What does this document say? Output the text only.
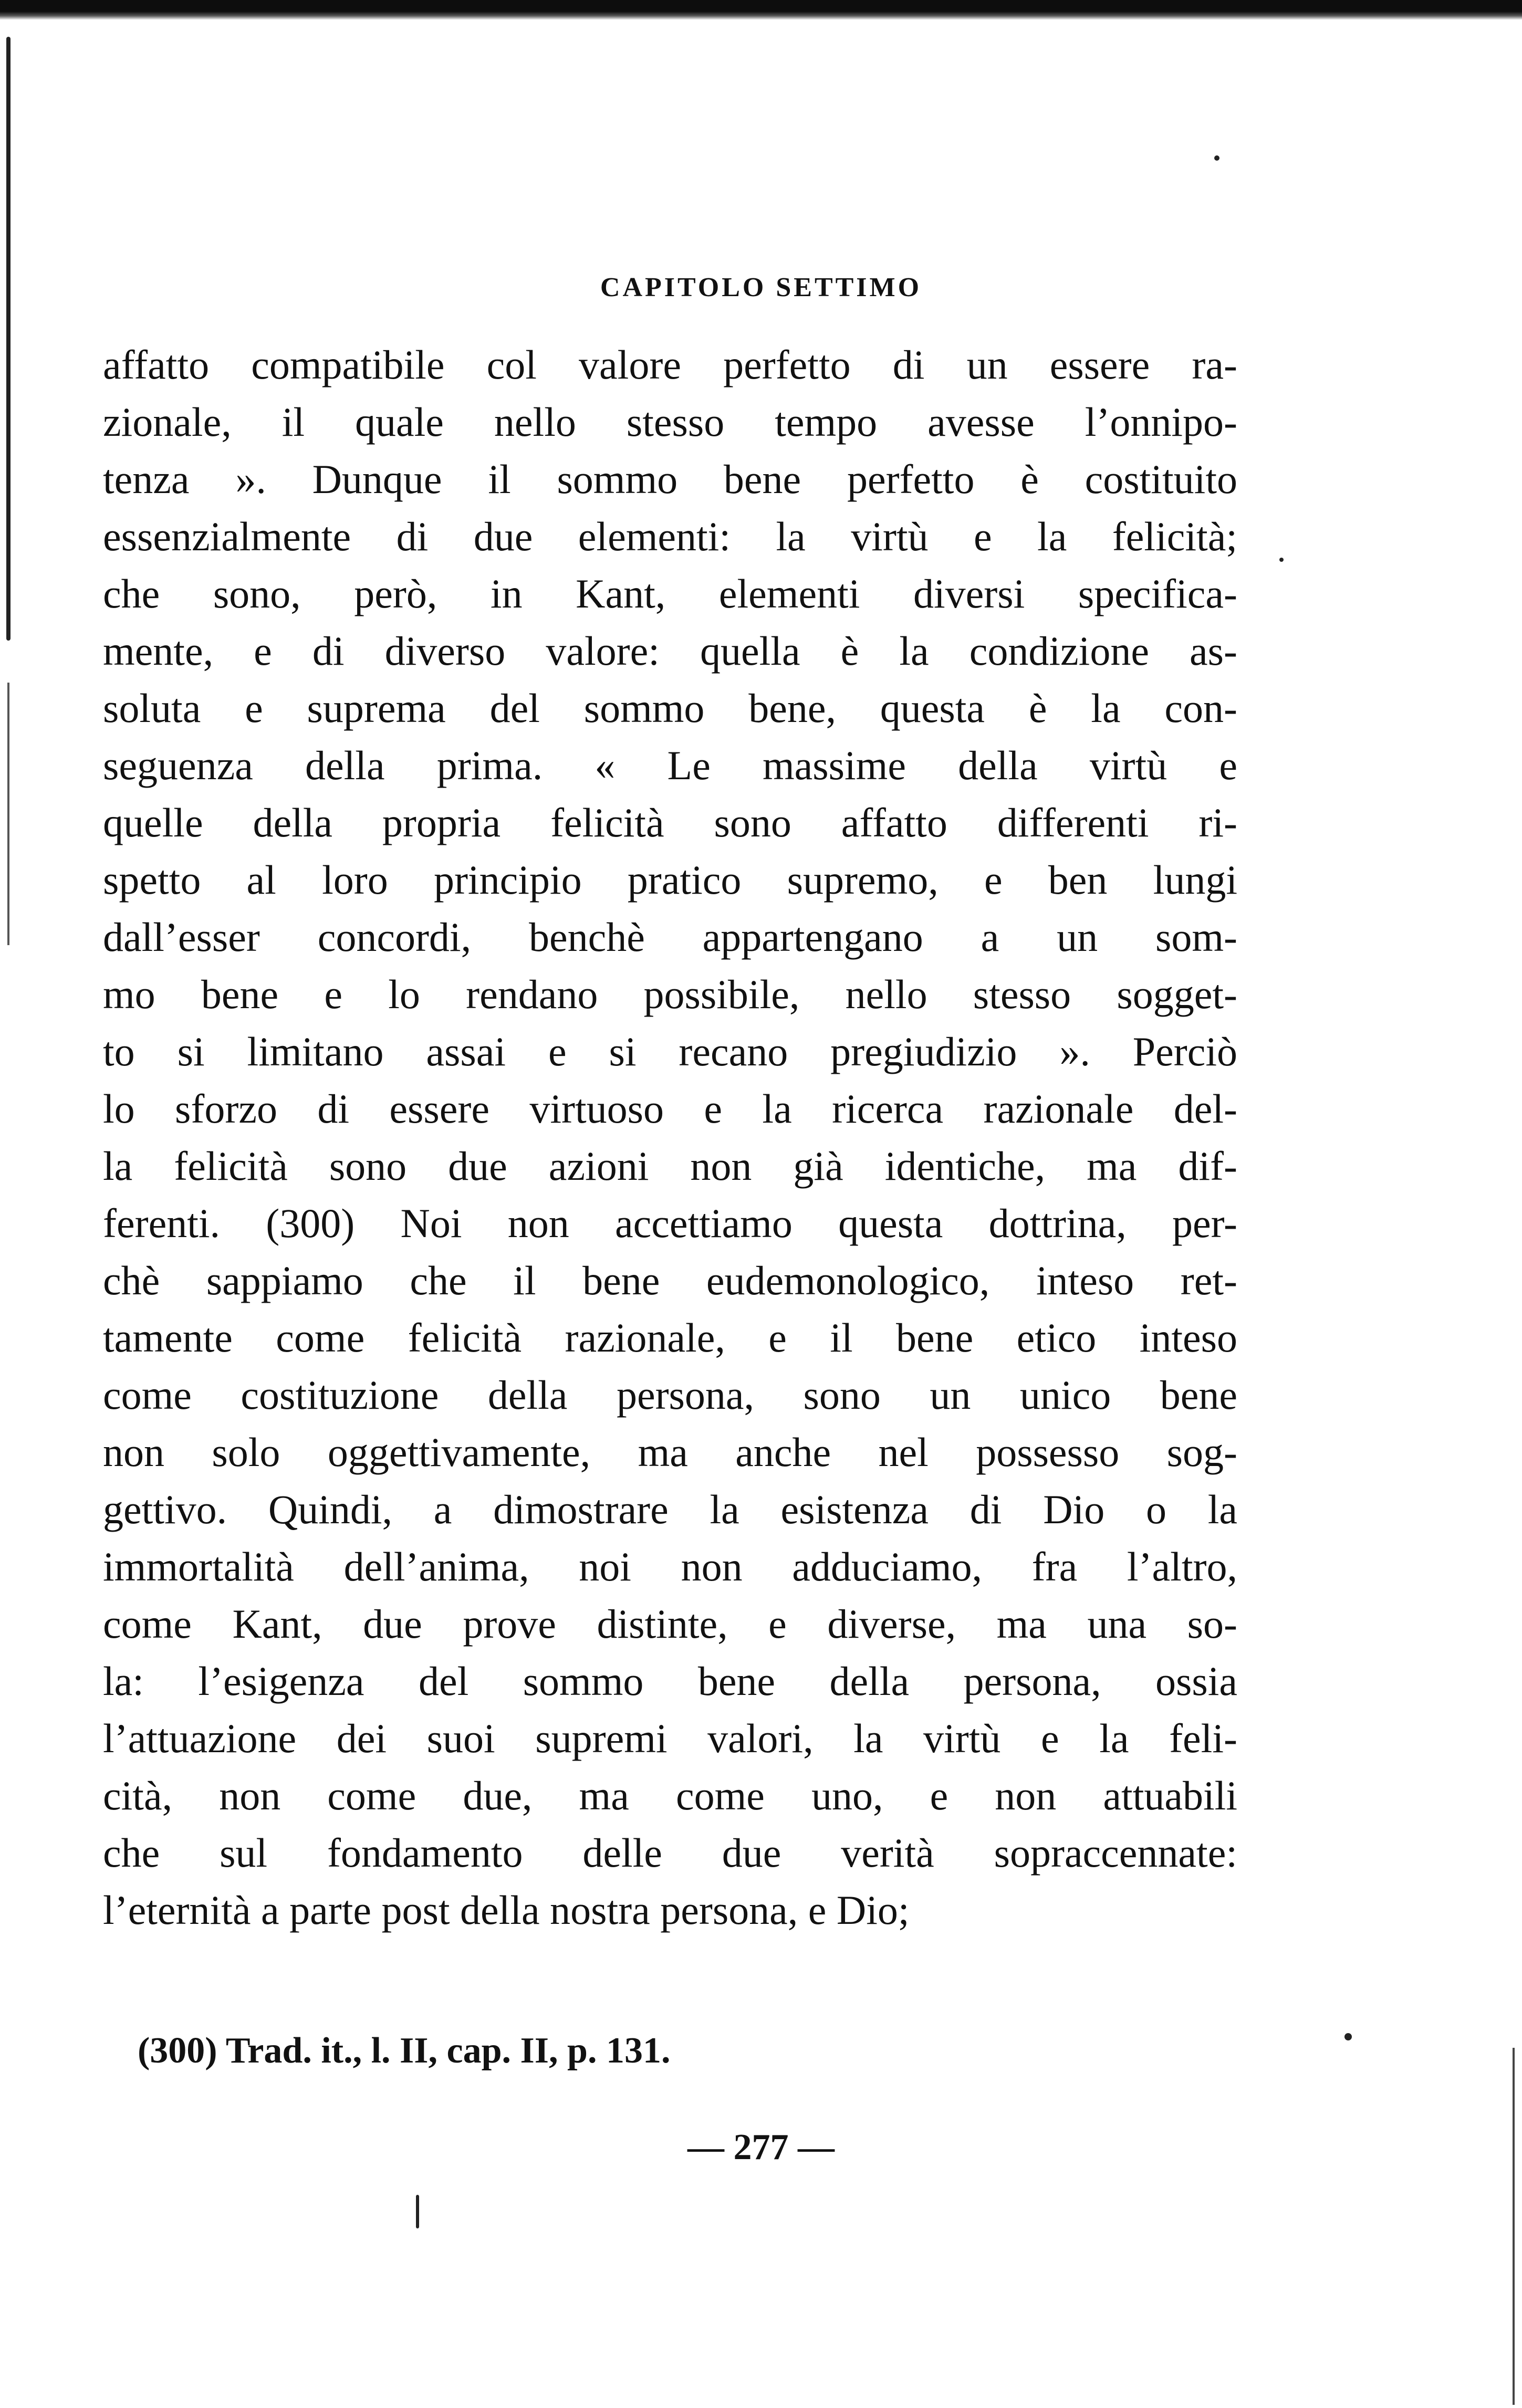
CAPITOLO SETTIMO
affatto compatibile col valore perfetto di un essere ra-
zionale, il quale nello stesso tempo avesse l’onnipo-
tenza ». Dunque il sommo bene perfetto è costituito
essenzialmente di due elementi: la virtù e la felicità;
che sono, però, in Kant, elementi diversi specifica-
mente, e di diverso valore: quella è la condizione as-
soluta e suprema del sommo bene, questa è la con-
seguenza della prima. « Le massime della virtù e
quelle della propria felicità sono affatto differenti ri-
spetto al loro principio pratico supremo, e ben lungi
dall’esser concordi, benchè appartengano a un som-
mo bene e lo rendano possibile, nello stesso sogget-
to si limitano assai e si recano pregiudizio ». Perciò
lo sforzo di essere virtuoso e la ricerca razionale del-
la felicità sono due azioni non già identiche, ma dif-
ferenti. (300) Noi non accettiamo questa dottrina, per-
chè sappiamo che il bene eudemonologico, inteso ret-
tamente come felicità razionale, e il bene etico inteso
come costituzione della persona, sono un unico bene
non solo oggettivamente, ma anche nel possesso sog-
gettivo. Quindi, a dimostrare la esistenza di Dio o la
immortalità dell’anima, noi non adduciamo, fra l’altro,
come Kant, due prove distinte, e diverse, ma una so-
la: l’esigenza del sommo bene della persona, ossia
l’attuazione dei suoi supremi valori, la virtù e la feli-
cità, non come due, ma come uno, e non attuabili
che sul fondamento delle due verità sopraccennate:
l’eternità a parte post della nostra persona, e Dio;
(300) Trad. it., l. II, cap. II, p. 131.
— 277 —
